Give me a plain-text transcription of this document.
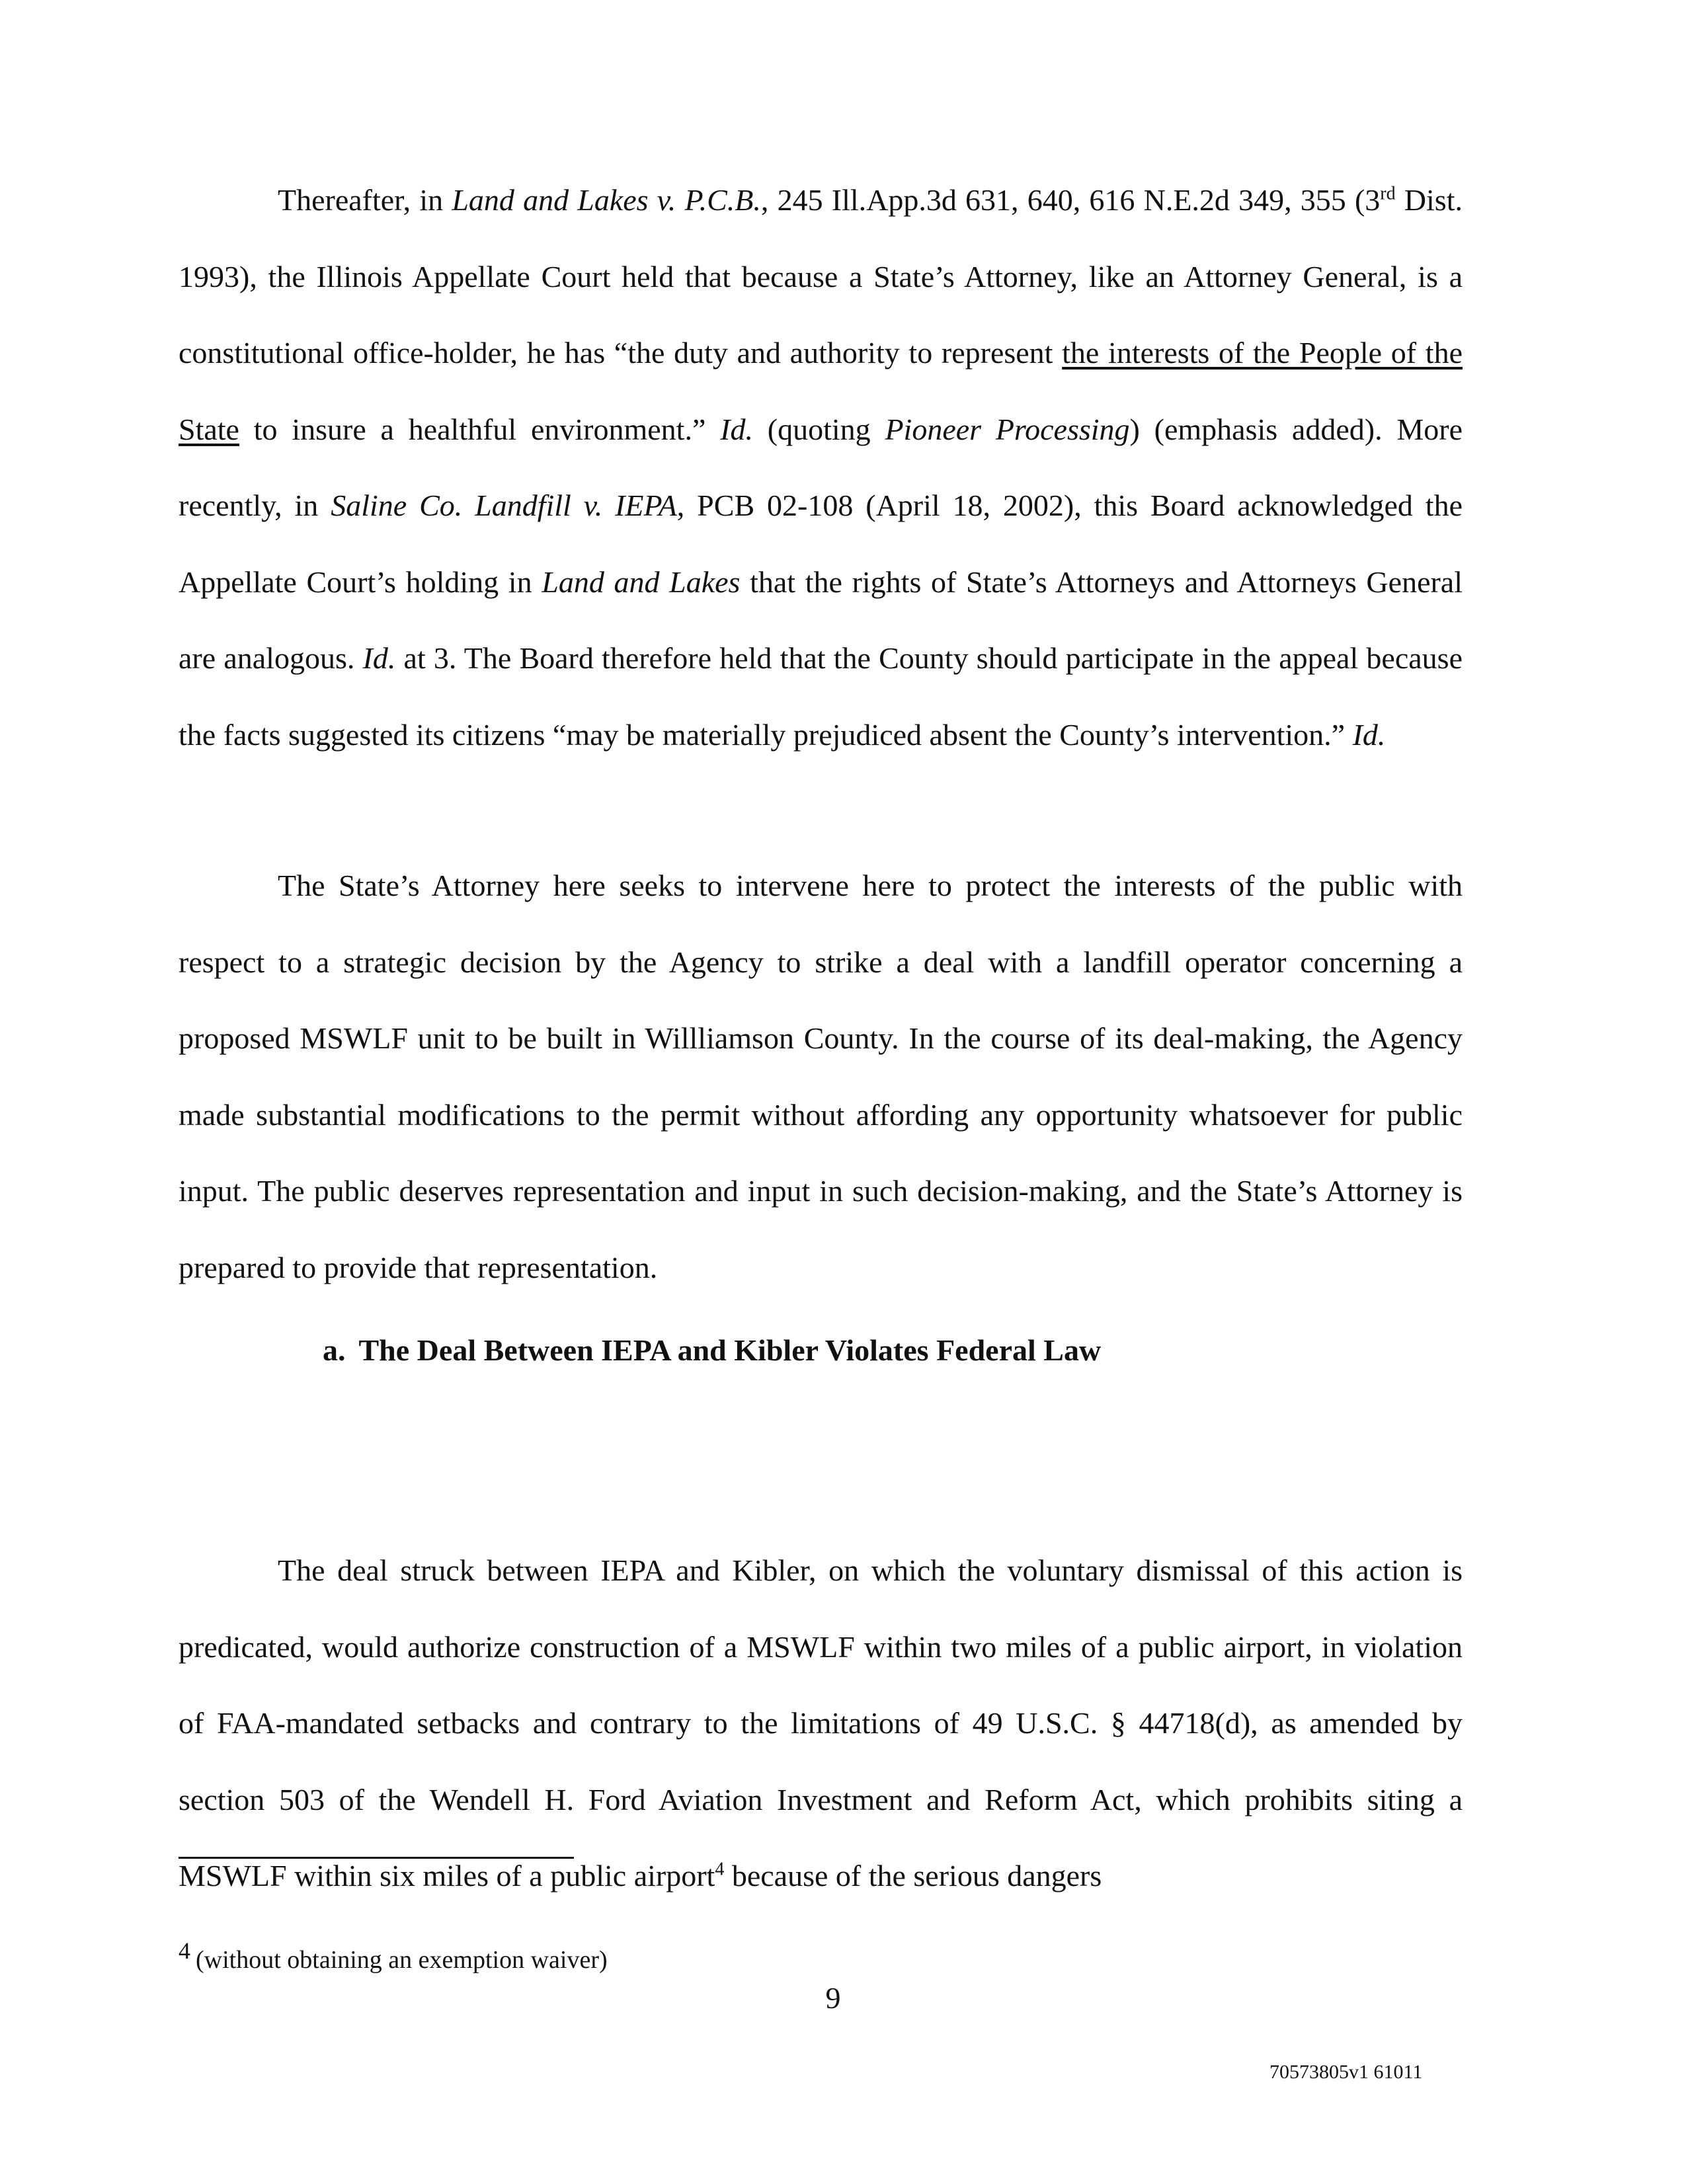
Thereafter, in Land and Lakes v. P.C.B., 245 Ill.App.3d 631, 640, 616 N.E.2d 349, 355 (3rd Dist. 1993), the Illinois Appellate Court held that because a State’s Attorney, like an Attorney General, is a constitutional office-holder, he has “the duty and authority to represent the interests of the People of the State to insure a healthful environment.” Id. (quoting Pioneer Processing) (emphasis added). More recently, in Saline Co. Landfill v. IEPA, PCB 02-108 (April 18, 2002), this Board acknowledged the Appellate Court’s holding in Land and Lakes that the rights of State’s Attorneys and Attorneys General are analogous. Id. at 3. The Board therefore held that the County should participate in the appeal because the facts suggested its citizens “may be materially prejudiced absent the County’s intervention.” Id.
The State’s Attorney here seeks to intervene here to protect the interests of the public with respect to a strategic decision by the Agency to strike a deal with a landfill operator concerning a proposed MSWLF unit to be built in Willliamson County. In the course of its deal-making, the Agency made substantial modifications to the permit without affording any opportunity whatsoever for public input. The public deserves representation and input in such decision-making, and the State’s Attorney is prepared to provide that representation.
a. The Deal Between IEPA and Kibler Violates Federal Law
The deal struck between IEPA and Kibler, on which the voluntary dismissal of this action is predicated, would authorize construction of a MSWLF within two miles of a public airport, in violation of FAA-mandated setbacks and contrary to the limitations of 49 U.S.C. § 44718(d), as amended by section 503 of the Wendell H. Ford Aviation Investment and Reform Act, which prohibits siting a MSWLF within six miles of a public airport$^4$ because of the serious dangers
4 (without obtaining an exemption waiver)
9
70573805v1 61011
